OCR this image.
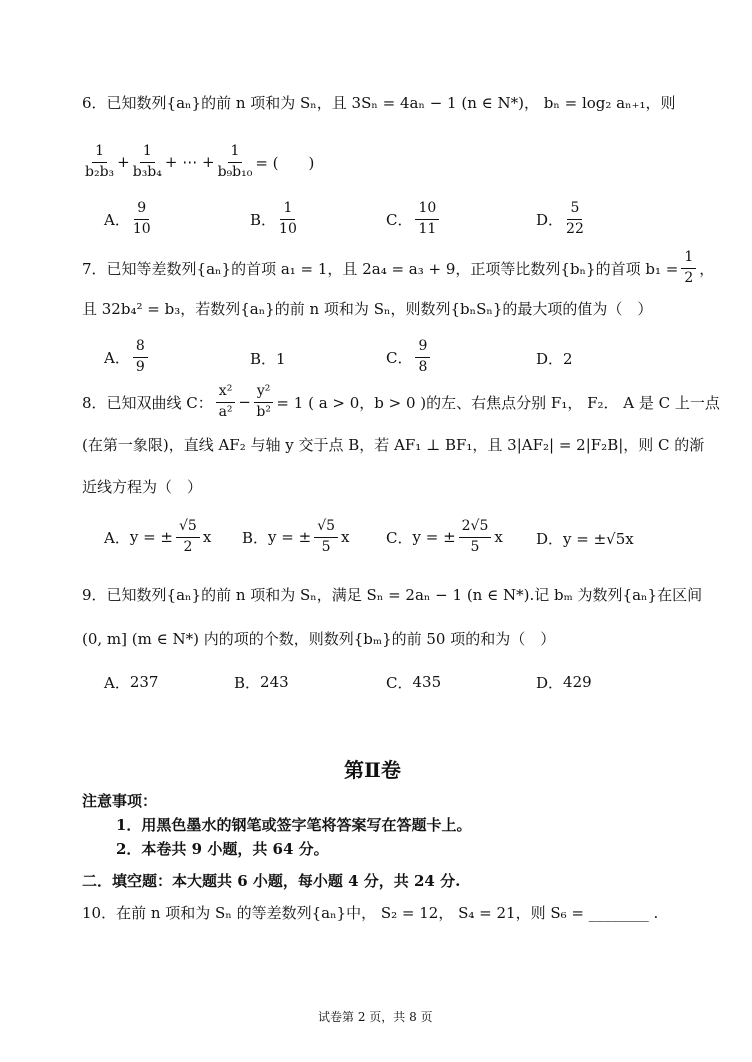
6．已知数列{aₙ}的前 n 项和为 Sₙ，且 3Sₙ = 4aₙ − 1 (n ∈ N*)， bₙ = log₂ aₙ₊₁，则
$\frac{1}{\text{b₂b₃}} + \frac{1}{\text{b₃b₄}}$ + ⋯ + $\frac{1}{\text{b₉b₁₀}}$ = (　　)
A． $\frac{9}{10}$	B． $\frac{1}{10}$	C． $\frac{10}{11}$	D． $\frac{5}{22}$
7．已知等差数列{aₙ}的首项 a₁ = 1，且 2a₄ = a₃ + 9，正项等比数列{bₙ}的首项 $b_1 = \frac{1}{2}$ ，
且 32b₄² = b₃，若数列{aₙ}的前 n 项和为 Sₙ，则数列{bₙSₙ}的最大项的值为（　）
A． $\frac{8}{9}$	B． 1	C． $\frac{9}{8}$	D． 2
8．已知双曲线 C： $\frac{\text{x²}}{\text{a²}} - \frac{\text{y²}}{\text{b²}} = 1$ ( a > 0，b > 0 )的左、右焦点分别 F₁， F₂． A 是 C 上一点
(在第一象限)，直线 AF₂ 与轴 y 交于点 B，若 AF₁ ⊥ BF₁，且 3|AF₂| = 2|F₂B|，则 C 的渐
近线方程为（　）
A． y = ± $\frac{√5}{2}$ x B． y = ± $\frac{√5}{5}$ x C． y = ± $\frac{2√5}{5}$ x D． y = ±√5x
9．已知数列{aₙ}的前 n 项和为 Sₙ，满足 Sₙ = 2aₙ − 1 (n ∈ N*).记 bₘ 为数列{aₙ}在区间
(0, m] (m ∈ N*) 内的项的个数，则数列{bₘ}的前 50 项的和为（　）
A． 237	B． 243	C． 435	D． 429
第Ⅱ卷
注意事项：
1．用黑色墨水的钢笔或签字笔将答案写在答题卡上。
2．本卷共 9 小题，共 64 分。
二．填空题：本大题共 6 小题，每小题 4 分，共 24 分.
10．在前 n 项和为 Sₙ 的等差数列{aₙ}中， S₂ = 12， S₄ = 21，则 S₆ = ________ .
试卷第 2 页，共 8 页
